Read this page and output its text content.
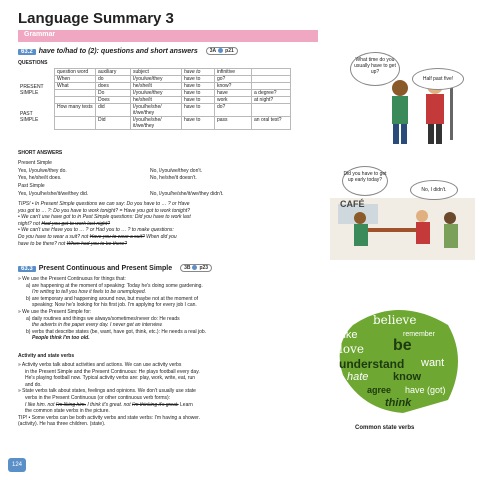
Language Summary 3
Grammar
63.2 have to/had to (2): questions and short answers 3A p21
QUESTIONS
	question word	auxiliary	subject	have to	infinitive	
PRESENT
SIMPLE	When	do	I/you/we/they	have to	go?	
	What	does	he/she/it	have to	know?	
		Do	I/you/we/they	have to	have	a degree?
		Does	he/she/it	have to	work	at night?
PAST
SIMPLE	How many tests	did	I/you/he/she/ it/we/they	have to	do?	
		Did	I/you/he/she/ it/we/they	have to	pass	an oral test?
SHORT ANSWERS
Present Simple
Yes, I/you/we/they do.
Yes, he/she/it does.
No, I/you/we/they don't.
No, he/she/it doesn't.
Past Simple
Yes, I/you/he/she/it/we/they did.	No, I/you/he/she/it/we/they didn't.
TIPS! • In Present Simple questions we can say: Do you have to … ? or Have
you got to … ?: Do you have to work tonight? = Have you got to work tonight?
• We can't use have got to in Past Simple questions: Did you have to work last
night? not Had you got to work last night?
• We can't use Have you to … ? or Had you to … ? to make questions:
Do you have to wear a suit? not Have you to wear a suit? When did you
have to be there? not When had you to be there?
What time do you usually have to get up?
Half past five!
CAFÉ
Did you have to get up early today?
No, I didn't.
63.3 Present Continuous and Present Simple 3B p23
» We use the Present Continuous for things that:
a) are happening at the moment of speaking: Today he's doing some gardening.
I'm writing to tell you how it feels to be unemployed.
b) are temporary and happening around now, but maybe not at the moment of
speaking: Now he's looking for his first job. I'm applying for every job I can.
» We use the Present Simple for:
a) daily routines and things we always/sometimes/never do: He reads
the adverts in the paper every day. I never get an interview.
b) verbs that describe states (be, want, have got, think, etc.): He needs a real job.
People think I'm too old.
Activity and state verbs
» Activity verbs talk about activities and actions. We can use activity verbs
in the Present Simple and the Present Continuous: He plays football every day.
He's playing football now. Typical activity verbs are: play, work, write, eat, run
and do.
» State verbs talk about states, feelings and opinions. We don't usually use state
verbs in the Present Continuous (or other continuous verb forms):
I like him. not I'm liking him. I think it's great. not I'm thinking it's great. Learn
the common state verbs in the picture.
TIP! • Some verbs can be both activity verbs and state verbs: I'm having a shower.
(activity). He has three children. (state).
believe
like	remember
love be
understand want
hate know
agree have (got)
think
Common state verbs
124
